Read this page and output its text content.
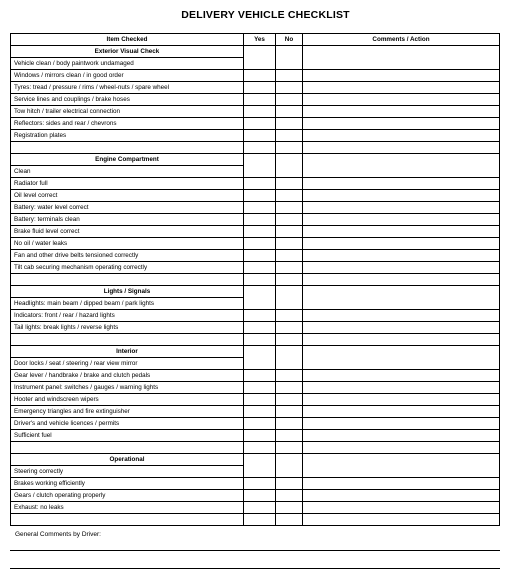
DELIVERY VEHICLE CHECKLIST
Item Checked	Yes	No	Comments / Action
Exterior Visual Check			
Vehicle clean / body paintwork undamaged			
Windows / mirrors clean / in good order			
Tyres: tread / pressure / rims / wheel-nuts / spare wheel			
Service lines and couplings / brake hoses			
Tow hitch / trailer electrical connection			
Reflectors: sides and rear / chevrons			
Registration plates			

Engine Compartment			
Clean			
Radiator full			
Oil level correct			
Battery: water level correct			
Battery: terminals clean			
Brake fluid level correct			
No oil / water leaks			
Fan and other drive belts tensioned correctly			
Tilt cab securing mechanism operating correctly			

Lights / Signals			
Headlights: main beam / dipped beam / park lights			
Indicators: front / rear / hazard lights			
Tail lights: break lights / reverse lights			

Interior			
Door locks / seat / steering / rear view mirror			
Gear lever / handbrake / brake and clutch pedals			
Instrument panel: switches / gauges / warning lights			
Hooter and windscreen wipers			
Emergency triangles and fire extinguisher			
Driver's and vehicle licences / permits			
Sufficient fuel			

Operational			
Steering correctly			
Brakes working efficiently			
Gears / clutch operating properly			
Exhaust: no leaks			

General Comments by Driver:
